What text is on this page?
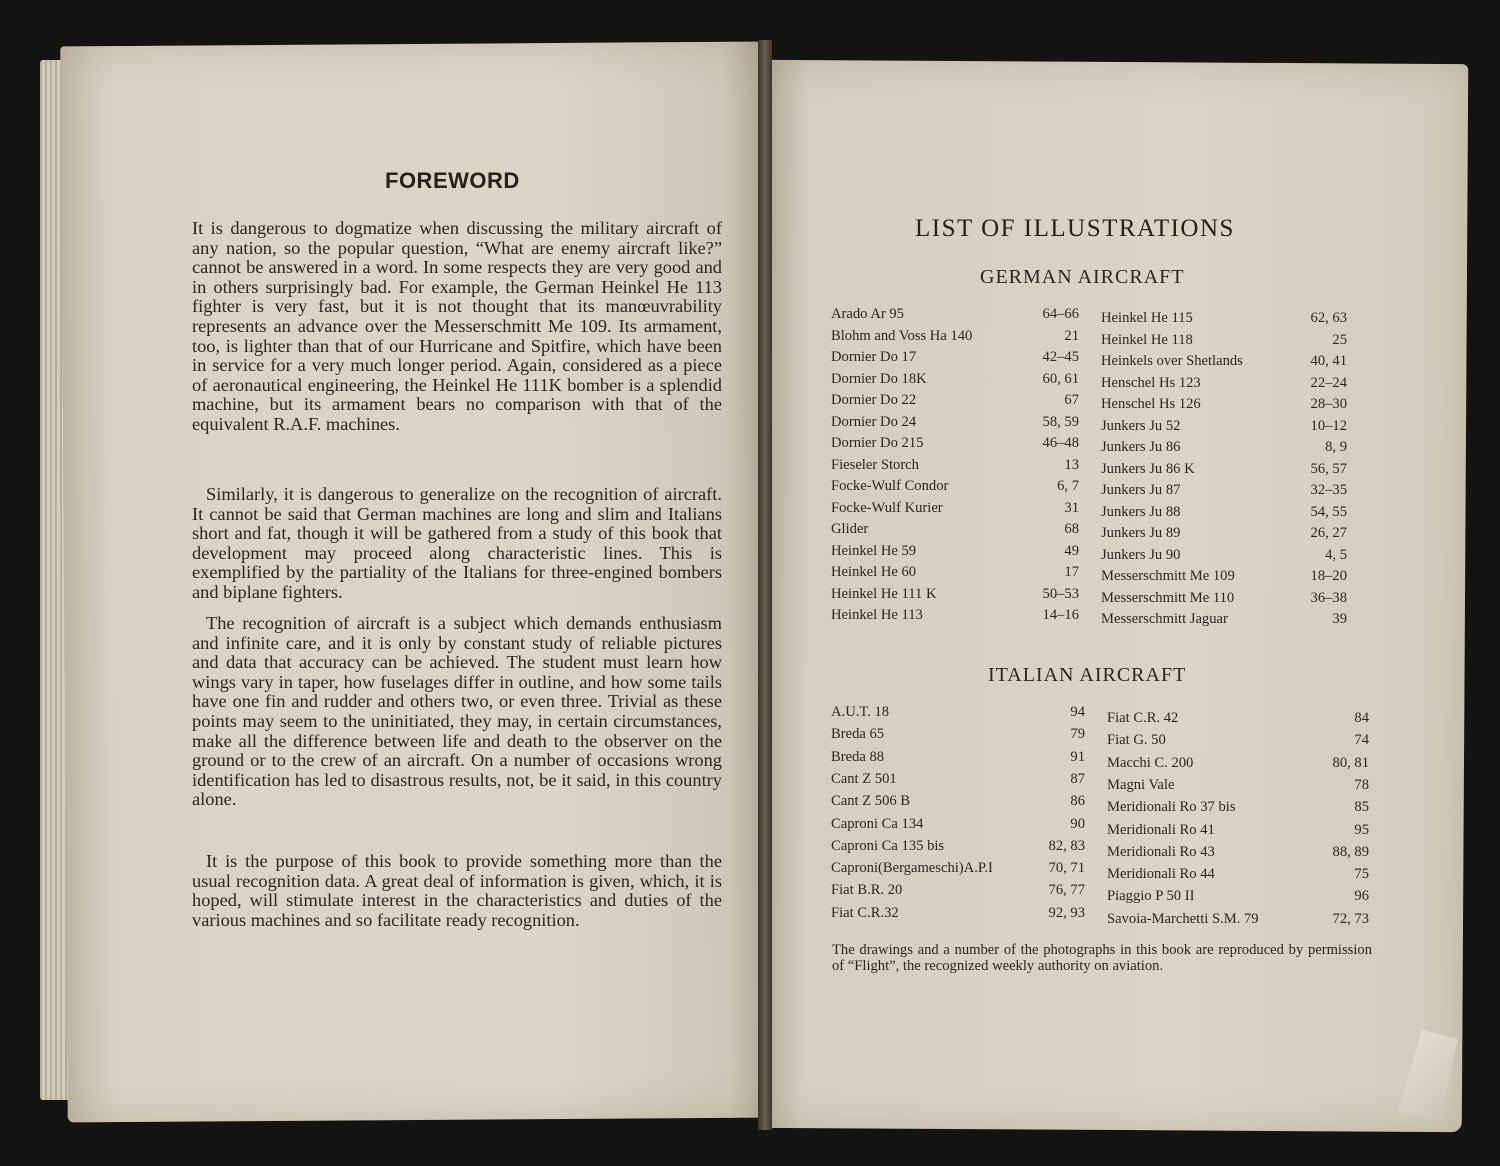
FOREWORD

It is dangerous to dogmatize when discussing the military aircraft of any nation, so the popular question, “What are enemy aircraft like?” cannot be answered in a word. In some respects they are very good and in others surprisingly bad. For example, the German Heinkel He 113 fighter is very fast, but it is not thought that its manœuvrability represents an advance over the Messerschmitt Me 109. Its armament, too, is lighter than that of our Hurricane and Spitfire, which have been in service for a very much longer period. Again, considered as a piece of aeronautical engineering, the Heinkel He 111K bomber is a splendid machine, but its armament bears no comparison with that of the equivalent R.A.F. machines.

Similarly, it is dangerous to generalize on the recognition of aircraft. It cannot be said that German machines are long and slim and Italians short and fat, though it will be gathered from a study of this book that development may proceed along characteristic lines. This is exemplified by the partiality of the Italians for three-engined bombers and biplane fighters.

The recognition of aircraft is a subject which demands enthusiasm and infinite care, and it is only by constant study of reliable pictures and data that accuracy can be achieved. The student must learn how wings vary in taper, how fuselages differ in outline, and how some tails have one fin and rudder and others two, or even three. Trivial as these points may seem to the uninitiated, they may, in certain circumstances, make all the difference between life and death to the observer on the ground or to the crew of an aircraft. On a number of occasions wrong identification has led to disastrous results, not, be it said, in this country alone.

It is the purpose of this book to provide something more than the usual recognition data. A great deal of information is given, which, it is hoped, will stimulate interest in the characteristics and duties of the various machines and so facilitate ready recognition.

LIST OF ILLUSTRATIONS
GERMAN AIRCRAFT
ITALIAN AIRCRAFT
Arado Ar 95	64–66
Blohm and Voss Ha 140	21
Dornier Do 17	42–45
Dornier Do 18K	60, 61
Dornier Do 22	67
Dornier Do 24	58, 59
Dornier Do 215	46–48
Fieseler Storch	13
Focke-Wulf Condor	6, 7
Focke-Wulf Kurier	31
Glider	68
Heinkel He 59	49
Heinkel He 60	17
Heinkel He 111 K	50–53
Heinkel He 113	14–16
Heinkel He 115	62, 63
Heinkel He 118	25
Heinkels over Shetlands	40, 41
Henschel Hs 123	22–24
Henschel Hs 126	28–30
Junkers Ju 52	10–12
Junkers Ju 86	8, 9
Junkers Ju 86 K	56, 57
Junkers Ju 87	32–35
Junkers Ju 88	54, 55
Junkers Ju 89	26, 27
Junkers Ju 90	4, 5
Messerschmitt Me 109	18–20
Messerschmitt Me 110	36–38
Messerschmitt Jaguar	39
A.U.T. 18	94
Breda 65	79
Breda 88	91
Cant Z 501	87
Cant Z 506 B	86
Caproni Ca 134	90
Caproni Ca 135 bis	82, 83
Caproni(Bergameschi)A.P.I	70, 71
Fiat B.R. 20	76, 77
Fiat C.R.32	92, 93
Fiat C.R. 42	84
Fiat G. 50	74
Macchi C. 200	80, 81
Magni Vale	78
Meridionali Ro 37 bis	85
Meridionali Ro 41	95
Meridionali Ro 43	88, 89
Meridionali Ro 44	75
Piaggio P 50 II	96
Savoia-Marchetti S.M. 79	72, 73

The drawings and a number of the photographs in this book are reproduced by permission of “Flight”, the recognized weekly authority on aviation.
